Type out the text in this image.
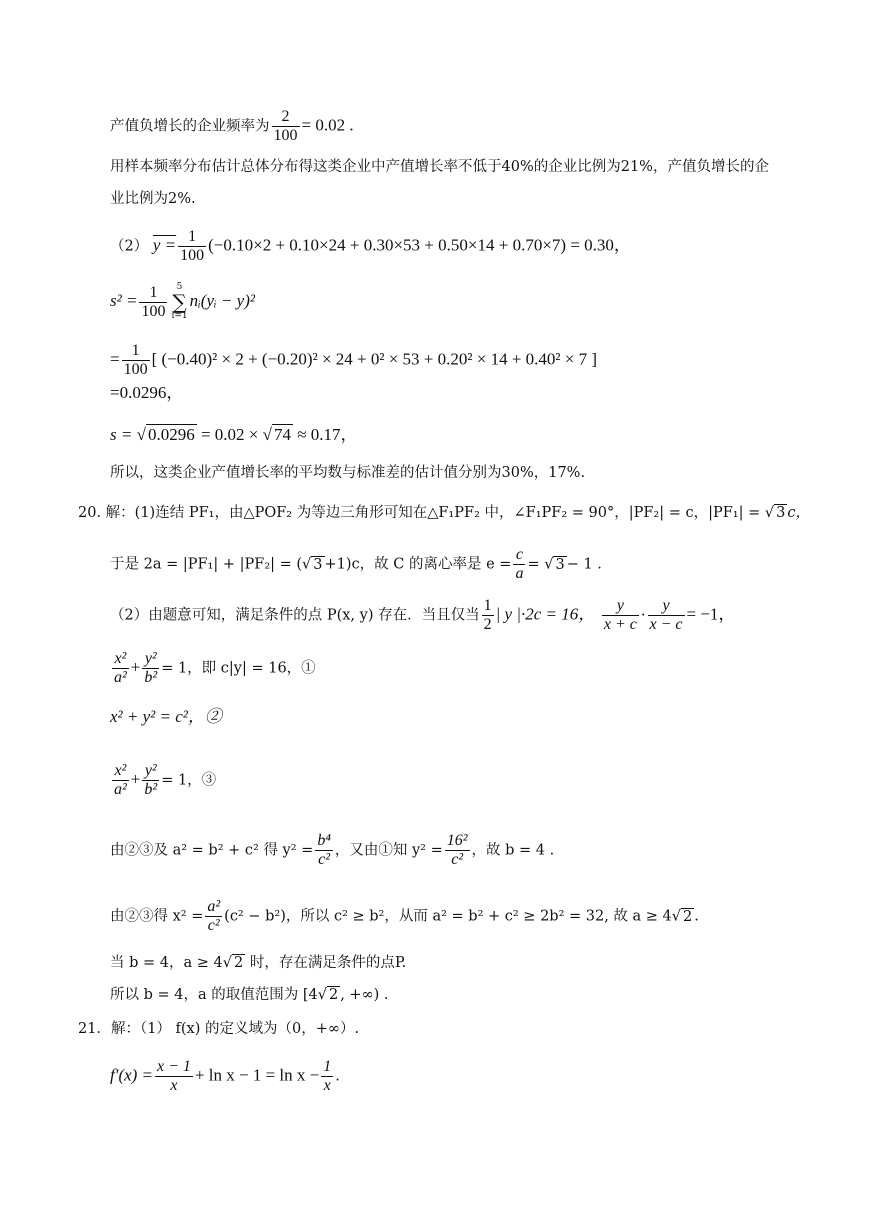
产值负增长的企业频率为 $\frac{2}{100} = 0.02$ .
用样本频率分布估计总体分布得这类企业中产值增长率不低于40%的企业比例为21%，产值负增长的企
业比例为2%.
（2） $y = \frac{1}{100} (-0.10\times 2 + 0.10\times 24 + 0.30\times 53 + 0.50\times 14 + 0.70\times 7) = 0.30$，
$s^2 = \frac{1}{100} 5$
∑
i=1nᵢ(yᵢ − y)²
= $\frac{1}{100}$ [ (−0.40)² × 2 + (−0.20)² × 24 + 0² × 53 + 0.20² × 14 + 0.40² × 7 ]
=0.0296，
s = √ 0.0296 = 0.02 × √ 74 ≈ 0.17，
所以，这类企业产值增长率的平均数与标准差的估计值分别为30%，17%.
20. 解：(1)连结 PF₁，由△POF₂ 为等边三角形可知在△F₁PF₂ 中，∠F₁PF₂ = 90°，|PF₂| = c，|PF₁| = √ 3 c，
于是 2a = |PF₁| + |PF₂| = (√ 3 +1)c，故 C 的离心率是 $e = \frac{c}{a}$ = √ 3 − 1 .
（2）由题意可知，满足条件的点 P(x, y) 存在．当且仅当 $\frac{1}{2}$ | y |·2c = 16， $\frac{y}{x + c} \cdot \frac{y}{x - c} = -1$，
$\frac{\text{x²}}{\text{a²}} + \frac{\text{y²}}{\text{b²}} = 1$，即 c|y| = 16，①
x² + y² = c²，②
$\frac{\text{x²}}{\text{a²}} + \frac{\text{y²}}{\text{b²}} = 1$，③
由②③及 a² = b² + c² 得 $y^2 = \frac{\text{b⁴}}{\text{c²}}$ ，又由①知 $y^2 = \frac{\text{16²}}{\text{c²}}$ ，故 b = 4 .
由②③得 $x^2 = \frac{\text{a²}}{\text{c²}} (c^2 - b^2)$，所以 c² ≥ b²，从而 a² = b² + c² ≥ 2b² = 32, 故 a ≥ 4√ 2 .
当 b = 4，a ≥ 4√ 2 时，存在满足条件的点P.
所以 b = 4，a 的取值范围为 [4√ 2 , +∞) .
21．解：（1） f(x) 的定义域为（0，+∞）.
$f'(x) = \frac{x - 1}{x} + \ln x - 1 = \ln x - \frac{1}{x}$ .
